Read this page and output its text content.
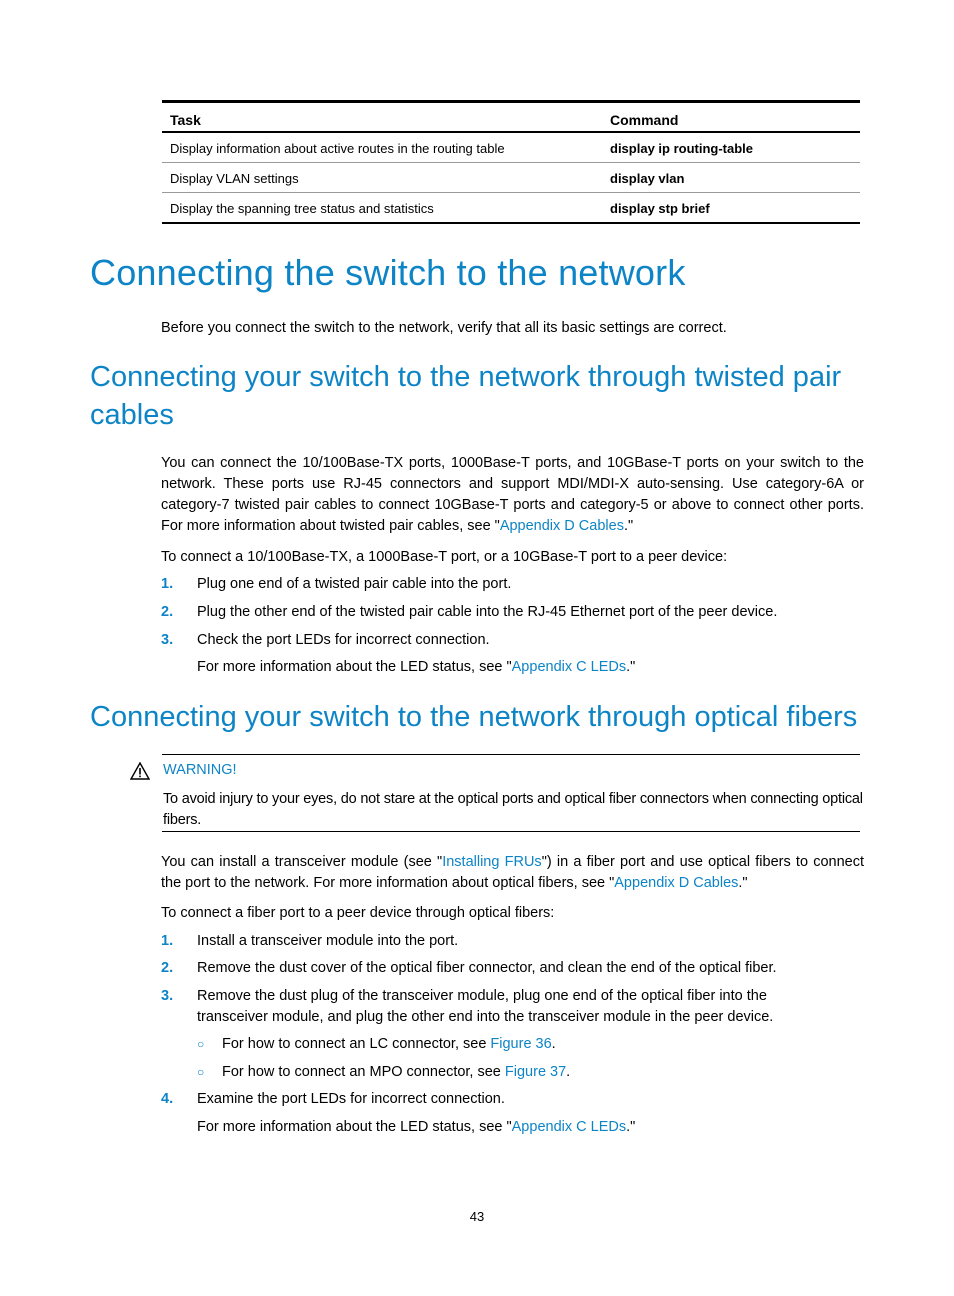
Task	Command
Display information about active routes in the routing table	display ip routing-table
Display VLAN settings	display vlan
Display the spanning tree status and statistics	display stp brief
Connecting the switch to the network

Before you connect the switch to the network, verify that all its basic settings are correct.

Connecting your switch to the network through twisted pair
cables

You can connect the 10/100Base-TX ports, 1000Base-T ports, and 10GBase-T ports on your switch to the network. These ports use RJ-45 connectors and support MDI/MDI-X auto-sensing. Use category-6A or category-7 twisted pair cables to connect 10GBase-T ports and category-5 or above to connect other ports. For more information about twisted pair cables, see "Appendix D Cables."

To connect a 10/100Base-TX, a 1000Base-T port, or a 10GBase-T port to a peer device:

1. Plug one end of a twisted pair cable into the port.
2. Plug the other end of the twisted pair cable into the RJ-45 Ethernet port of the peer device.
3. Check the port LEDs for incorrect connection.
For more information about the LED status, see "Appendix C LEDs."
Connecting your switch to the network through optical fibers
WARNING!

To avoid injury to your eyes, do not stare at the optical ports and optical fiber connectors when connecting optical fibers.

You can install a transceiver module (see "Installing FRUs") in a fiber port and use optical fibers to connect the port to the network. For more information about optical fibers, see "Appendix D Cables."

To connect a fiber port to a peer device through optical fibers:

1. Install a transceiver module into the port.
2. Remove the dust cover of the optical fiber connector, and clean the end of the optical fiber.
3. Remove the dust plug of the transceiver module, plug one end of the optical fiber into the transceiver module, and plug the other end into the transceiver module in the peer device.
○ For how to connect an LC connector, see Figure 36.
○ For how to connect an MPO connector, see Figure 37.
4. Examine the port LEDs for incorrect connection.
For more information about the LED status, see "Appendix C LEDs."
43
